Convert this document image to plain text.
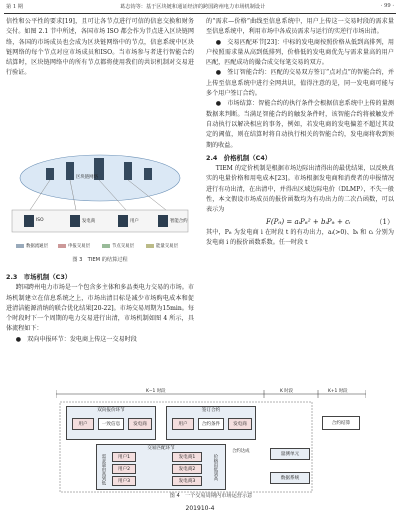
第 1 期	葛志钧等：基于区块链和通证经济的跨国跨州电力市场机制设计	· 99 ·

信性和公平性的要求[19]，且可让各节点进行可信的信息交换和财务交付。如图 2.1 节中所述，各国市场 ISO 都会作为节点进入区块链网络，各国的市场成员也会成为区块链网络中的节点，信息系统中区块链网络的每个节点对应市场成员和ISO。当市场参与者进行智能合约结算时，区块链网络中的所有节点都将使用我们的共识机制对交易进行验证。

区块链网络
ISO	发电商	用户	智能合约
数据流通层	申报交易层	节点交易层	能量交易层
图 3　TIEM 的结算过程
2.3　市场机制（C3）

跨国跨州电力市场是一个包含多主体和多品类电力交易的市场。市场机制建立在信息系统之上，市场出清目标是减少市场购电成本和促进清洁能源消纳的联合优化结果[20-22]。市场交易周期为15min。每个时段时下一个周期的电力交易进行出清，市场机制如图 4 所示，具体流程如下：

●　双向申报环节：发电商上传这一交易时段

的“需求—价格”曲线至信息系统中，用户上传这一交易时段的需求量至信息系统中，利用市场中各成员需求与运行的实逆行市场出清。

●　交易匹配环节[23]：中标的发电商按照价格从低到高排列，用户按照需求量从高到低排列，价格低的发电商优先与需求量高的用户匹配，匹配成功的撮合成交每笔交易的双方。

●　签订智能合约：匹配的交易双方签订“点对点”的智能合约，并上传至信息系统中进行全网共识，值得注意的是，同一发电商可能与多个用户签订合约。

●　市场结算：智能合约的执行条件会根据信息系统中上传的量测数据来判断。当满足智能合约的触发条件时，该智能合约将被触发并自动执行以解决相应的事务，例如，若发电商的发电偏差不超过其设定的阈值，则在结算时将自动执行相关的智能合约，发电商将收到预期的收益。

2.4　价格机制（C4）

TIEM 的定价机制是根据市场边际出清得出的最优结果，以反映真实的电量价格和用电成本[23]。市场根据发电商和消费者的申报情况进行有功出清，在出清中，并得出区域边际电价（DLMP），不失一般性，本文假设市场成员的报价函数均为有功出力的二次凸函数，可以表示为

F(Pᵢₜ) = aᵢPᵢₜ² + bᵢPᵢₜ + cᵢ	（1）

其中，Pᵢₜ 为发电商 i 在时段 t 的有功出力，aᵢ(>0)、bᵢ 和 cᵢ 分别为发电商 i 的报价函数系数。任一时段 t

K−1 时段	K 时段	K+1 时段
双向报价环节
用户	一致信息	发电商
签订合约
用户	合约条件	发电商
交易匹配环节
需求量由高到低	价格由低到高
用户1
用户2
用户3
发电商1
发电商2
发电商3
合约达成
量测单元
数据系统
合约结算
图 4　一个交易周期内市场运营示意
201910-4
